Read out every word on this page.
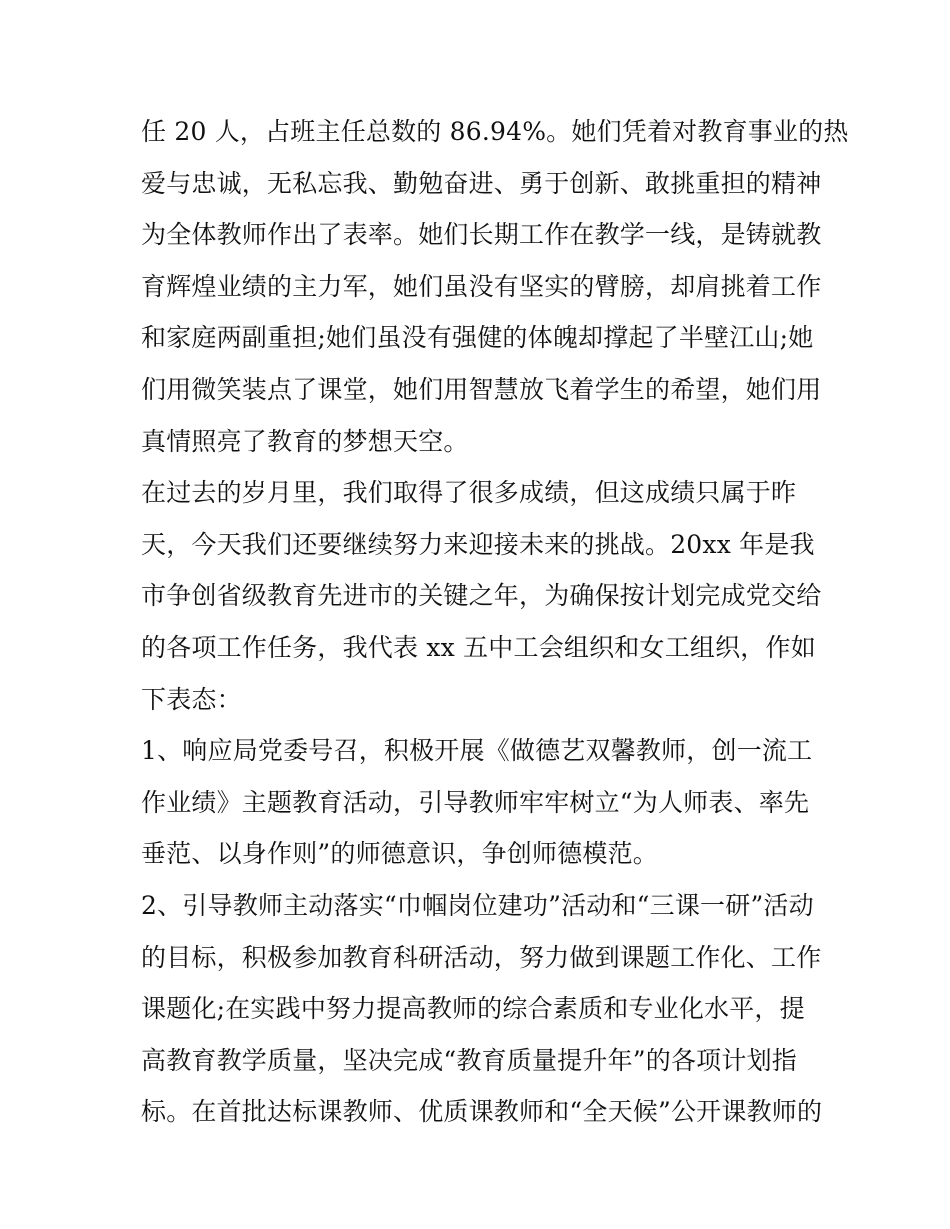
任 20 人，占班主任总数的 86.94%。她们凭着对教育事业的热
爱与忠诚，无私忘我、勤勉奋进、勇于创新、敢挑重担的精神
为全体教师作出了表率。她们长期工作在教学一线，是铸就教
育辉煌业绩的主力军，她们虽没有坚实的臂膀，却肩挑着工作
和家庭两副重担;她们虽没有强健的体魄却撑起了半壁江山;她
们用微笑装点了课堂，她们用智慧放飞着学生的希望，她们用
真情照亮了教育的梦想天空。
在过去的岁月里，我们取得了很多成绩，但这成绩只属于昨
天，今天我们还要继续努力来迎接未来的挑战。20xx 年是我
市争创省级教育先进市的关键之年，为确保按计划完成党交给
的各项工作任务，我代表 xx 五中工会组织和女工组织，作如
下表态：
1、响应局党委号召，积极开展《做德艺双馨教师，创一流工
作业绩》主题教育活动，引导教师牢牢树立“为人师表、率先
垂范、以身作则”的师德意识，争创师德模范。
2、引导教师主动落实“巾帼岗位建功”活动和“三课一研”活动
的目标，积极参加教育科研活动，努力做到课题工作化、工作
课题化;在实践中努力提高教师的综合素质和专业化水平，提
高教育教学质量，坚决完成“教育质量提升年”的各项计划指
标。在首批达标课教师、优质课教师和“全天候”公开课教师的
